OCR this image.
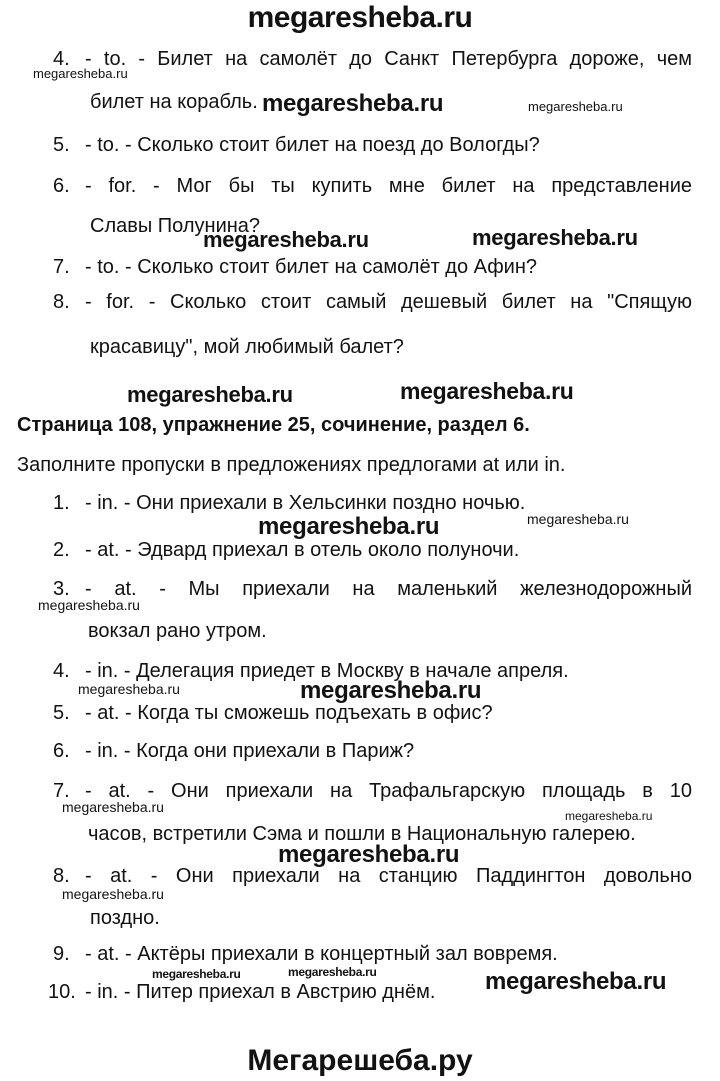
megaresheba.ru
4. - to. - Билет на самолёт до Санкт Петербурга дороже, чем
билет на корабль.
5. - to. - Сколько стоит билет на поезд до Вологды?
6. - for. - Мог бы ты купить мне билет на представление
Славы Полунина?
7. - to. - Сколько стоит билет на самолёт до Афин?
8. - for. - Сколько стоит самый дешевый билет на "Спящую
красавицу", мой любимый балет?
Страница 108, упражнение 25, сочинение, раздел 6.
Заполните пропуски в предложениях предлогами at или in.
1. - in. - Они приехали в Хельсинки поздно ночью.
2. - at. - Эдвард приехал в отель около полуночи.
3. - at. - Мы приехали на маленький железнодорожный
вокзал рано утром.
4. - in. - Делегация приедет в Москву в начале апреля.
5. - at. - Когда ты сможешь подъехать в офис?
6. - in. - Когда они приехали в Париж?
7. - at. - Они приехали на Трафальгарскую площадь в 10
часов, встретили Сэма и пошли в Национальную галерею.
8. - at. - Они приехали на станцию Паддингтон довольно
поздно.
9. - at. - Актёры приехали в концертный зал вовремя.
10. - in. - Питер приехал в Австрию днём.
megaresheba.ru
megaresheba.ru	megaresheba.ru
megaresheba.ru	megaresheba.ru
megaresheba.ru	megaresheba.ru
megaresheba.ru	megaresheba.ru
megaresheba.ru
megaresheba.ru	megaresheba.ru
megaresheba.ru
megaresheba.ru
megaresheba.ru
megaresheba.ru
megaresheba.ru	megaresheba.ru	megaresheba.ru
Мегарешеба.ру
